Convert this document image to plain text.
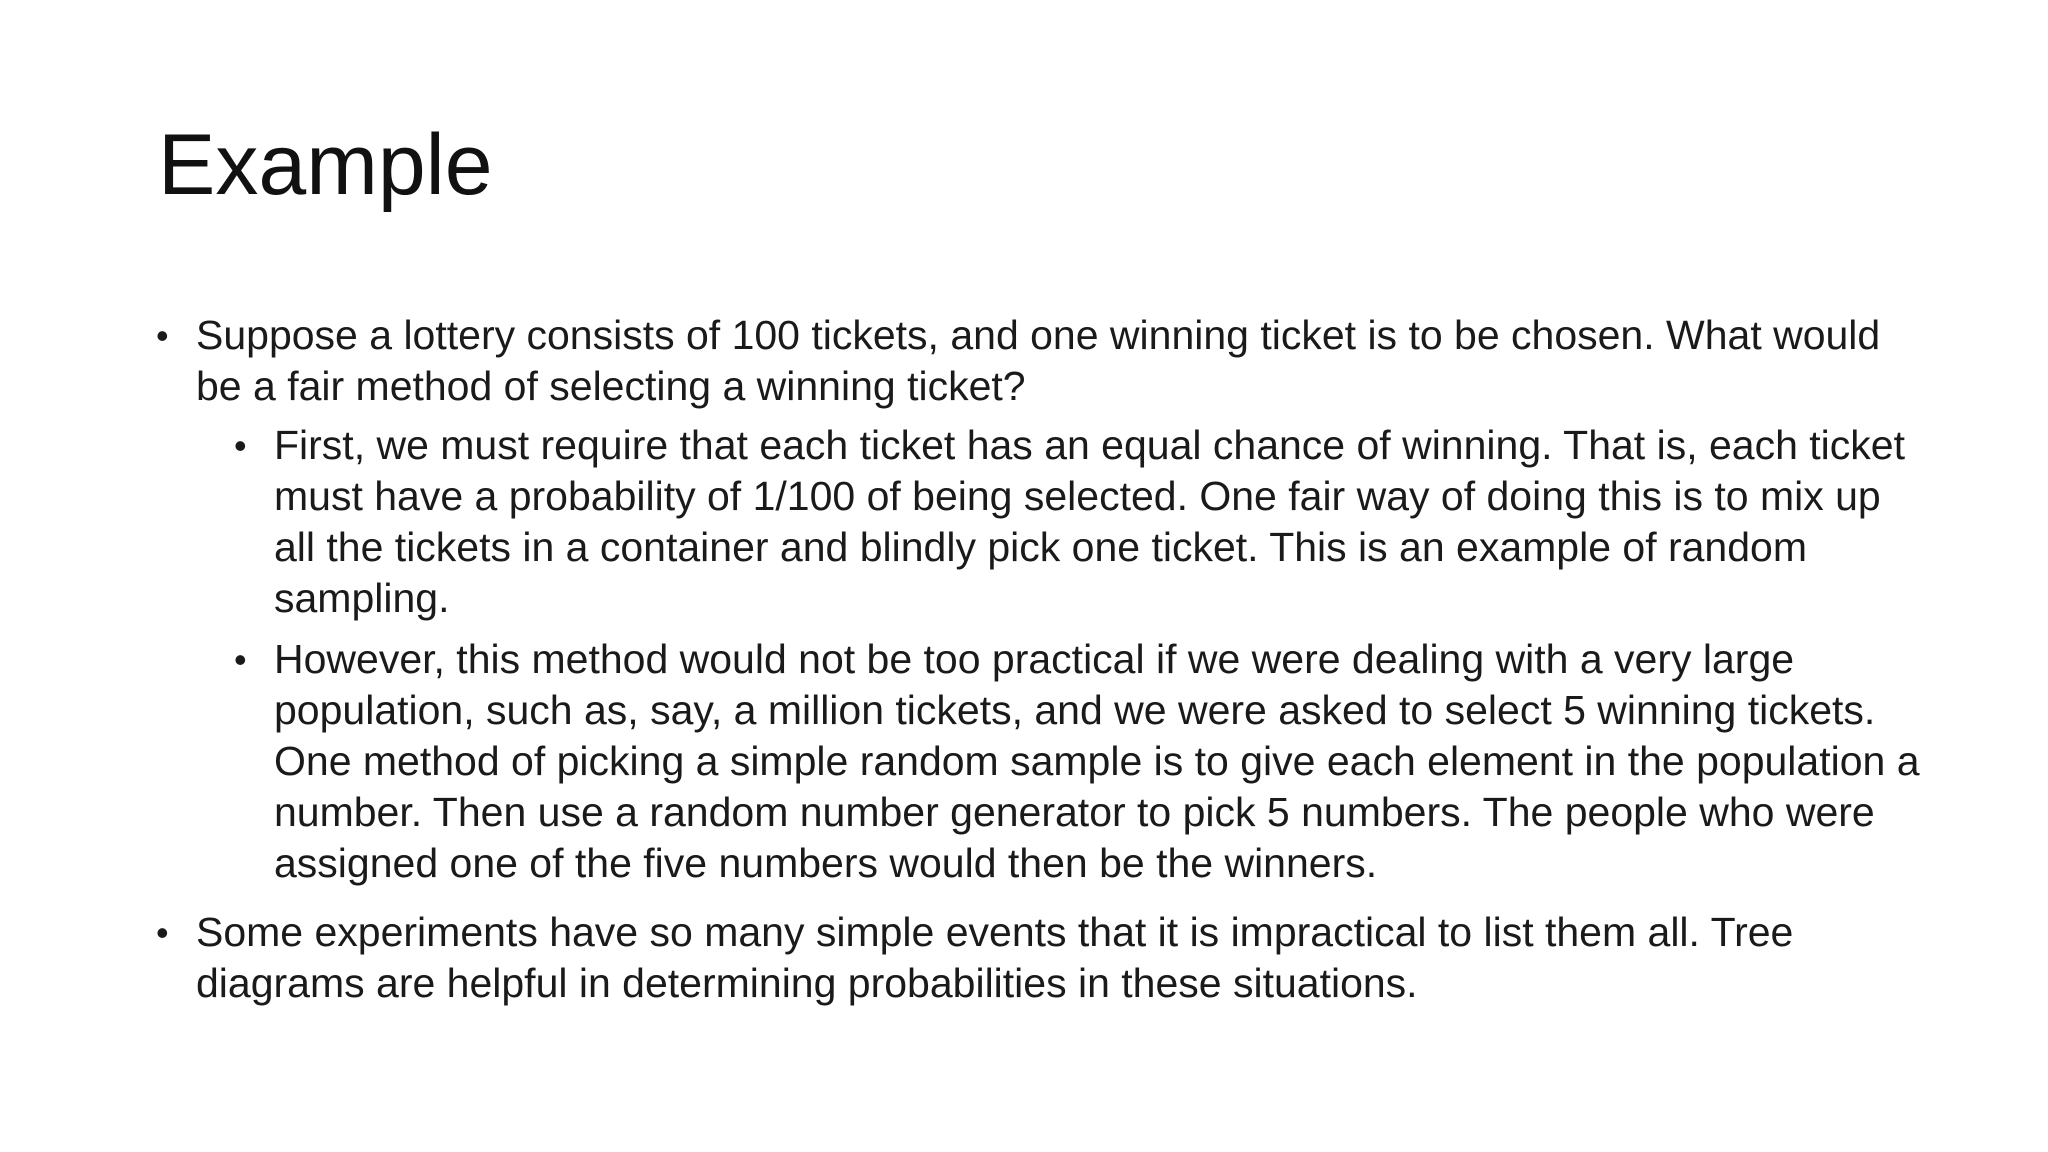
Example
• Suppose a lottery consists of 100 tickets, and one winning ticket is to be chosen. What would be a fair method of selecting a winning ticket?
• First, we must require that each ticket has an equal chance of winning. That is, each ticket must have a probability of 1/100 of being selected. One fair way of doing this is to mix up all the tickets in a container and blindly pick one ticket. This is an example of random sampling.
• However, this method would not be too practical if we were dealing with a very large population, such as, say, a million tickets, and we were asked to select 5 winning tickets. One method of picking a simple random sample is to give each element in the population a number. Then use a random number generator to pick 5 numbers. The people who were assigned one of the five numbers would then be the winners.
• Some experiments have so many simple events that it is impractical to list them all. Tree diagrams are helpful in determining probabilities in these situations.
